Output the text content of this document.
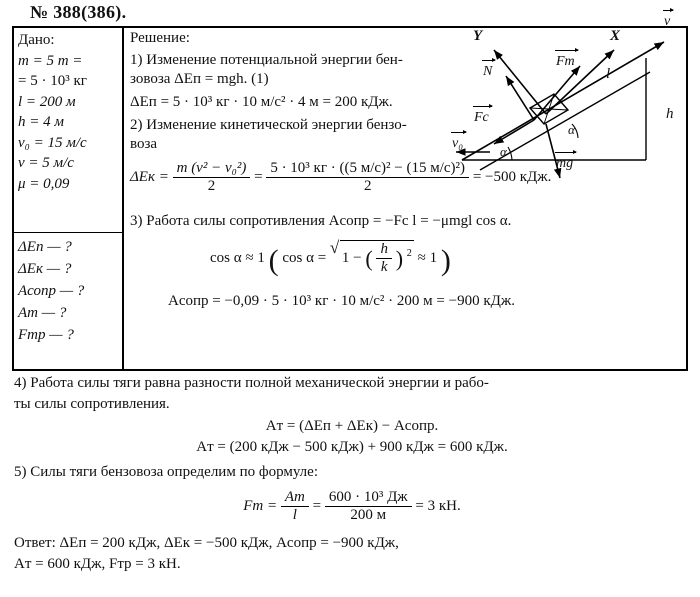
№ 388(386).
Дано:
m = 5 т =
= 5 · 10³ кг
l = 200 м
h = 4 м
v₀ = 15 м/с
v = 5 м/с
μ = 0,09
ΔEп — ?
ΔEк — ?
Aсопр — ?
Aт — ?
Fтр — ?
Решение:
1) Изменение потенциальной энергии бен-
зовоза ΔEп = mgh. (1)
ΔEп = 5 · 10³ кг · 10 м/с² · 4 м = 200 кДж.
2) Изменение кинетической энергии бензо-
воза
$\Delta Eк = \frac{\text{m (v² − v₀²)}}{2} = \frac{\text{5 · 10³ кг · ((5 м/с)² − (15 м/с)²)}}{2} = -500$ кДж.
3) Работа силы сопротивления Aсопр = −Fc l = −μmgl cos α.
cos α ≈ 1 ( cos α = √ 1 − ( $\frac{h}{k}$ ) $^2$ ≈ 1 )
Aсопр = −0,09 · 5 · 10³ кг · 10 м/с² · 200 м = −900 кДж.
Y	X
v
N
Fт
Fс
v₀
mg
l
h
α
α

4) Работа силы тяги равна разности полной механической энергии и рабо-

ты силы сопротивления.

Aт = (ΔEп + ΔEк) − Aсопр.

Aт = (200 кДж − 500 кДж) + 900 кДж = 600 кДж.

5) Силы тяги бензовоза определим по формуле:

Fт = $\frac{Aт}{l} = \frac{\text{600 · 10³ Дж}}{200 м} = 3$ кН.

Ответ: ΔEп = 200 кДж, ΔEк = −500 кДж, Aсопр = −900 кДж,

Aт = 600 кДж, Fтр = 3 кН.
